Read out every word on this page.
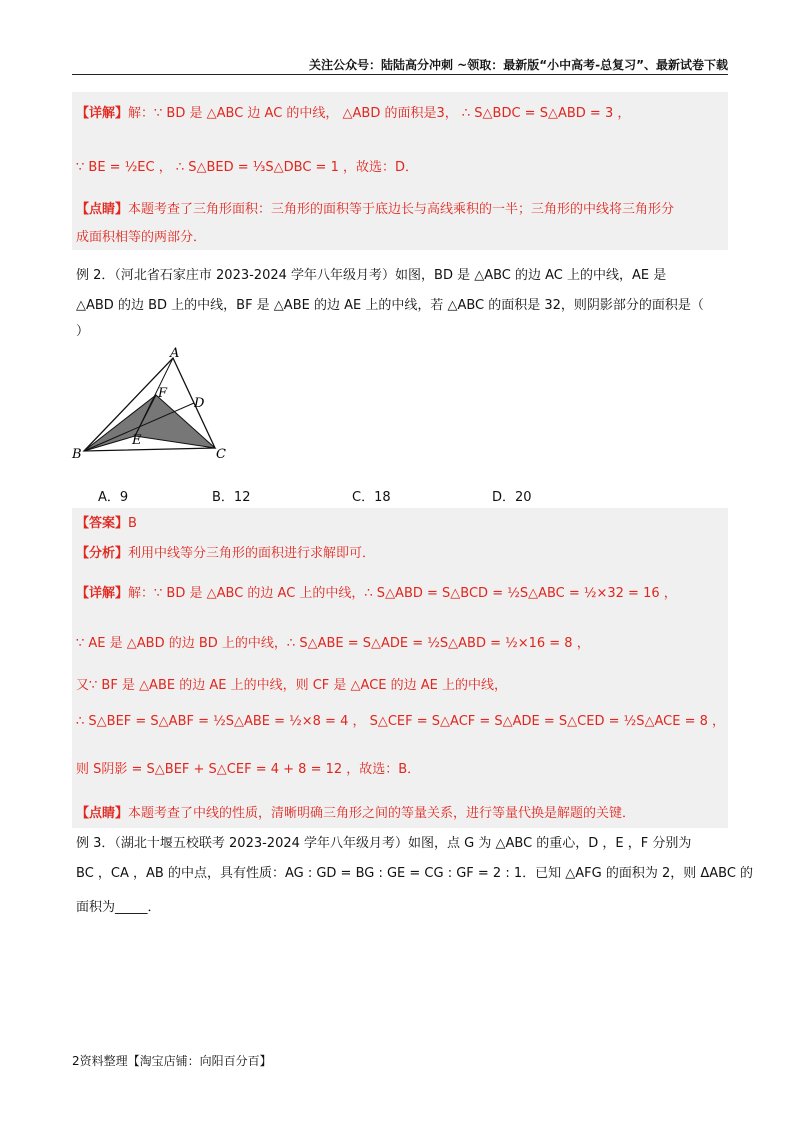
关注公众号：陆陆高分冲刺 ~领取：最新版“小中高考-总复习”、最新试卷下载
【详解】解：∵ BD 是 △ABC 边 AC 的中线， △ABD 的面积是3， ∴ S△BDC = S△ABD = 3 ，
∵ BE = ½EC ， ∴ S△BED = ⅓S△DBC = 1 ，故选：D．
【点睛】本题考查了三角形面积：三角形的面积等于底边长与高线乘积的一半；三角形的中线将三角形分
成面积相等的两部分．
例 2．（河北省石家庄市 2023-2024 学年八年级月考）如图，BD 是 △ABC 的边 AC 上的中线，AE 是
△ABD 的边 BD 上的中线，BF 是 △ABE 的边 AE 上的中线，若 △ABC 的面积是 32，则阴影部分的面积是（
）
A
F
D
E
B	C
A．9	B．12	C．18	D．20
【答案】B
【分析】利用中线等分三角形的面积进行求解即可．
【详解】解：∵ BD 是 △ABC 的边 AC 上的中线，∴ S△ABD = S△BCD = ½S△ABC = ½×32 = 16 ，
∵ AE 是 △ABD 的边 BD 上的中线，∴ S△ABE = S△ADE = ½S△ABD = ½×16 = 8 ，
又∵ BF 是 △ABE 的边 AE 上的中线，则 CF 是 △ACE 的边 AE 上的中线，
∴ S△BEF = S△ABF = ½S△ABE = ½×8 = 4 ， S△CEF = S△ACF = S△ADE = S△CED = ½S△ACE = 8 ，
则 S阴影 = S△BEF + S△CEF = 4 + 8 = 12 ，故选：B．
【点睛】本题考查了中线的性质，清晰明确三角形之间的等量关系，进行等量代换是解题的关键．
例 3．（湖北十堰五校联考 2023-2024 学年八年级月考）如图，点 G 为 △ABC 的重心，D ，E ，F 分别为
BC ，CA ，AB 的中点，具有性质：AG : GD = BG : GE = CG : GF = 2 : 1．已知 △AFG 的面积为 2，则 ΔABC 的
面积为_____．
2资料整理【淘宝店铺：向阳百分百】
